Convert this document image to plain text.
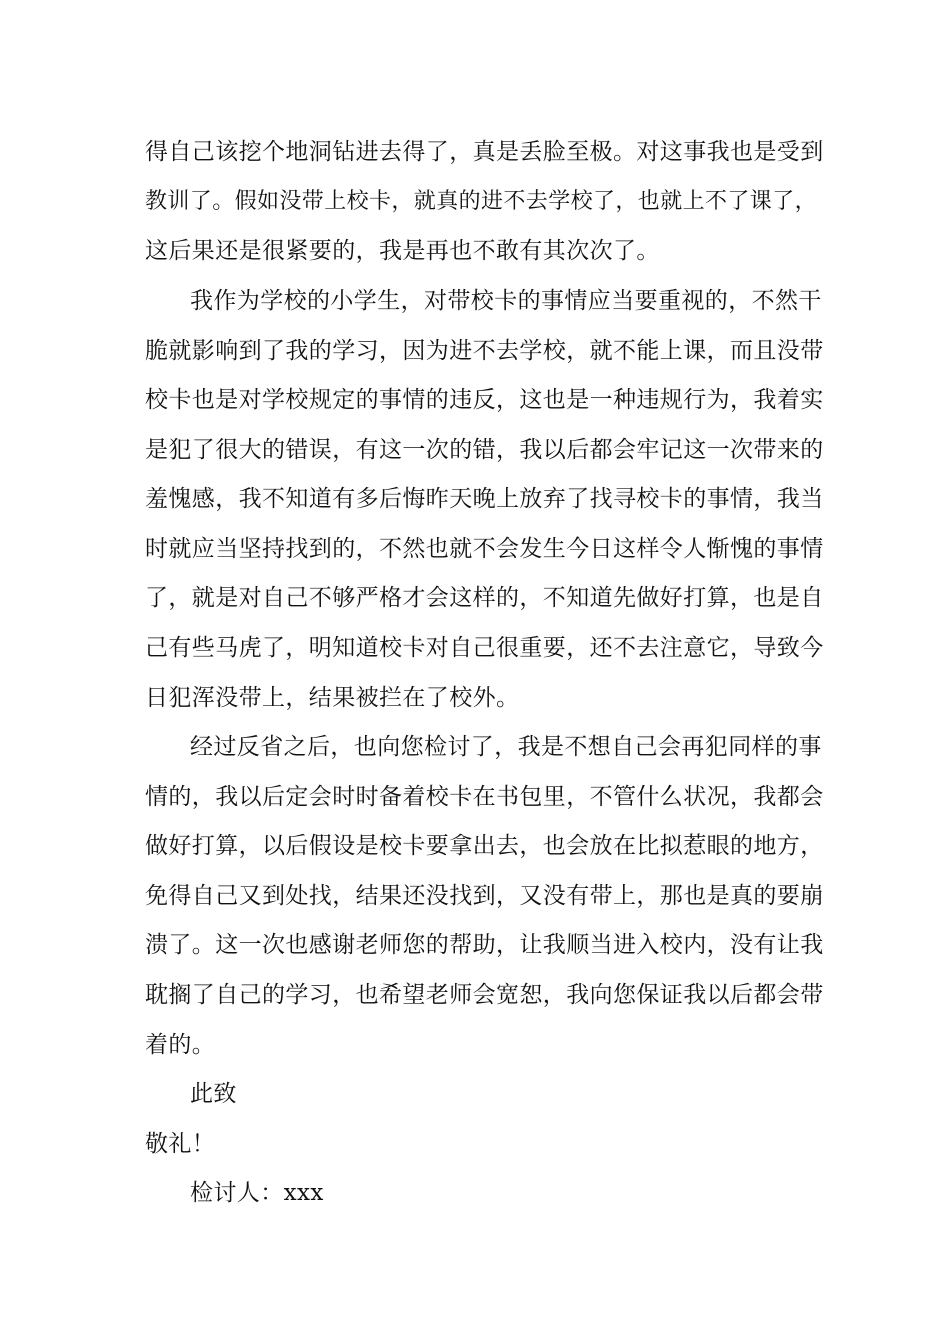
得自己该挖个地洞钻进去得了，真是丢脸至极。对这事我也是受到
教训了。假如没带上校卡，就真的进不去学校了，也就上不了课了，
这后果还是很紧要的，我是再也不敢有其次次了。
我作为学校的小学生，对带校卡的事情应当要重视的，不然干
脆就影响到了我的学习，因为进不去学校，就不能上课，而且没带
校卡也是对学校规定的事情的违反，这也是一种违规行为，我着实
是犯了很大的错误，有这一次的错，我以后都会牢记这一次带来的
羞愧感，我不知道有多后悔昨天晚上放弃了找寻校卡的事情，我当
时就应当坚持找到的，不然也就不会发生今日这样令人惭愧的事情
了，就是对自己不够严格才会这样的，不知道先做好打算，也是自
己有些马虎了，明知道校卡对自己很重要，还不去注意它，导致今
日犯浑没带上，结果被拦在了校外。
经过反省之后，也向您检讨了，我是不想自己会再犯同样的事
情的，我以后定会时时备着校卡在书包里，不管什么状况，我都会
做好打算，以后假设是校卡要拿出去，也会放在比拟惹眼的地方，
免得自己又到处找，结果还没找到，又没有带上，那也是真的要崩
溃了。这一次也感谢老师您的帮助，让我顺当进入校内，没有让我
耽搁了自己的学习，也希望老师会宽恕，我向您保证我以后都会带
着的。
此致
敬礼！
检讨人：xxx
